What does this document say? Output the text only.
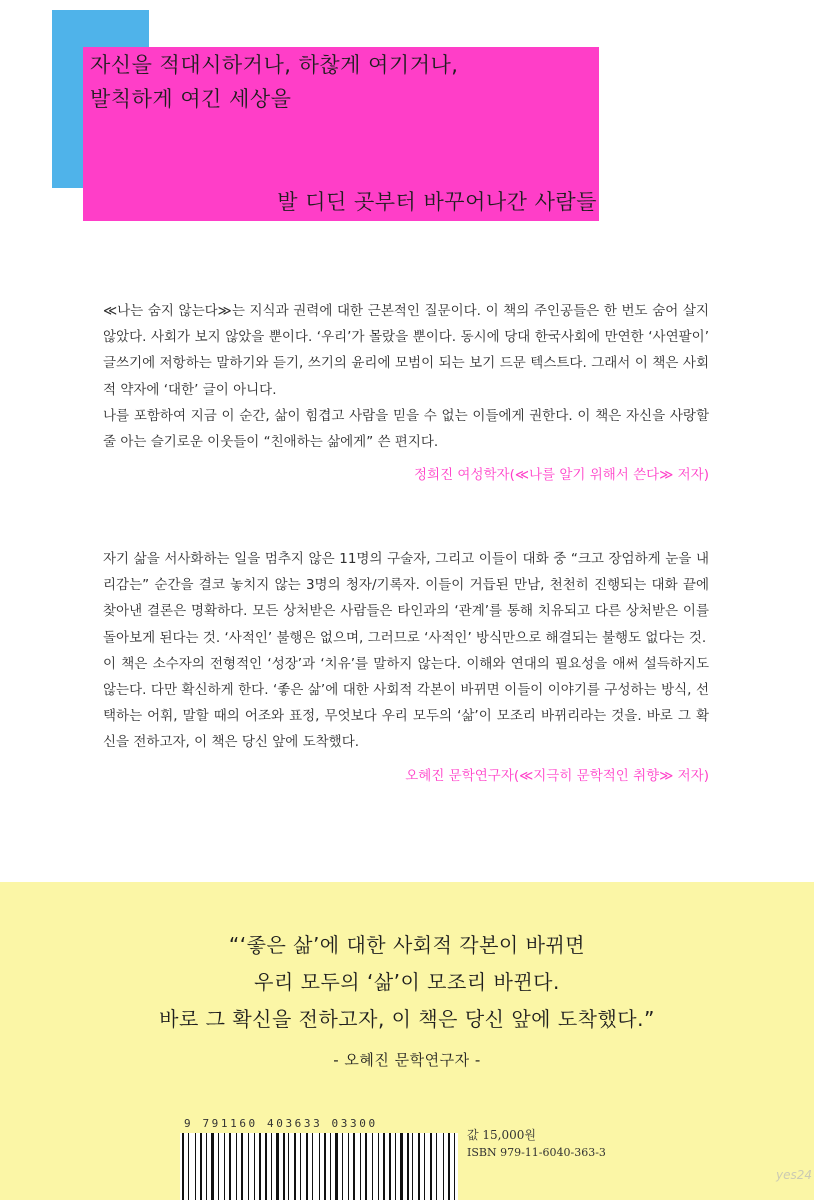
자신을 적대시하거나, 하찮게 여기거나,
발칙하게 여긴 세상을
발 디딘 곳부터 바꾸어나간 사람들

≪나는 숨지 않는다≫는 지식과 권력에 대한 근본적인 질문이다. 이 책의 주인공들은 한 번도 숨어 살지 않았다. 사회가 보지 않았을 뿐이다. ‘우리’가 몰랐을 뿐이다. 동시에 당대 한국사회에 만연한 ‘사연팔이’ 글쓰기에 저항하는 말하기와 듣기, 쓰기의 윤리에 모범이 되는 보기 드문 텍스트다. 그래서 이 책은 사회적 약자에 ‘대한’ 글이 아니다.

나를 포함하여 지금 이 순간, 삶이 힘겹고 사람을 믿을 수 없는 이들에게 권한다. 이 책은 자신을 사랑할 줄 아는 슬기로운 이웃들이 “친애하는 삶에게” 쓴 편지다.

정희진 여성학자(≪나를 알기 위해서 쓴다≫ 저자)

자기 삶을 서사화하는 일을 멈추지 않은 11명의 구술자, 그리고 이들이 대화 중 “크고 장엄하게 눈을 내리감는” 순간을 결코 놓치지 않는 3명의 청자/기록자. 이들이 거듭된 만남, 천천히 진행되는 대화 끝에 찾아낸 결론은 명확하다. 모든 상처받은 사람들은 타인과의 ‘관계’를 통해 치유되고 다른 상처받은 이를 돌아보게 된다는 것. ‘사적인’ 불행은 없으며, 그러므로 ‘사적인’ 방식만으로 해결되는 불행도 없다는 것.

이 책은 소수자의 전형적인 ‘성장’과 ‘치유’를 말하지 않는다. 이해와 연대의 필요성을 애써 설득하지도 않는다. 다만 확신하게 한다. ‘좋은 삶’에 대한 사회적 각본이 바뀌면 이들이 이야기를 구성하는 방식, 선택하는 어휘, 말할 때의 어조와 표정, 무엇보다 우리 모두의 ‘삶’이 모조리 바뀌리라는 것을. 바로 그 확신을 전하고자, 이 책은 당신 앞에 도착했다.

오혜진 문학연구자(≪지극히 문학적인 취향≫ 저자)

“‘좋은 삶’에 대한 사회적 각본이 바뀌면
우리 모두의 ‘삶’이 모조리 바뀐다.
바로 그 확신을 전하고자, 이 책은 당신 앞에 도착했다.”
- 오혜진 문학연구자 -
9 791160 403633 03300
값 15,000원
ISBN 979-11-6040-363-3
yes24
